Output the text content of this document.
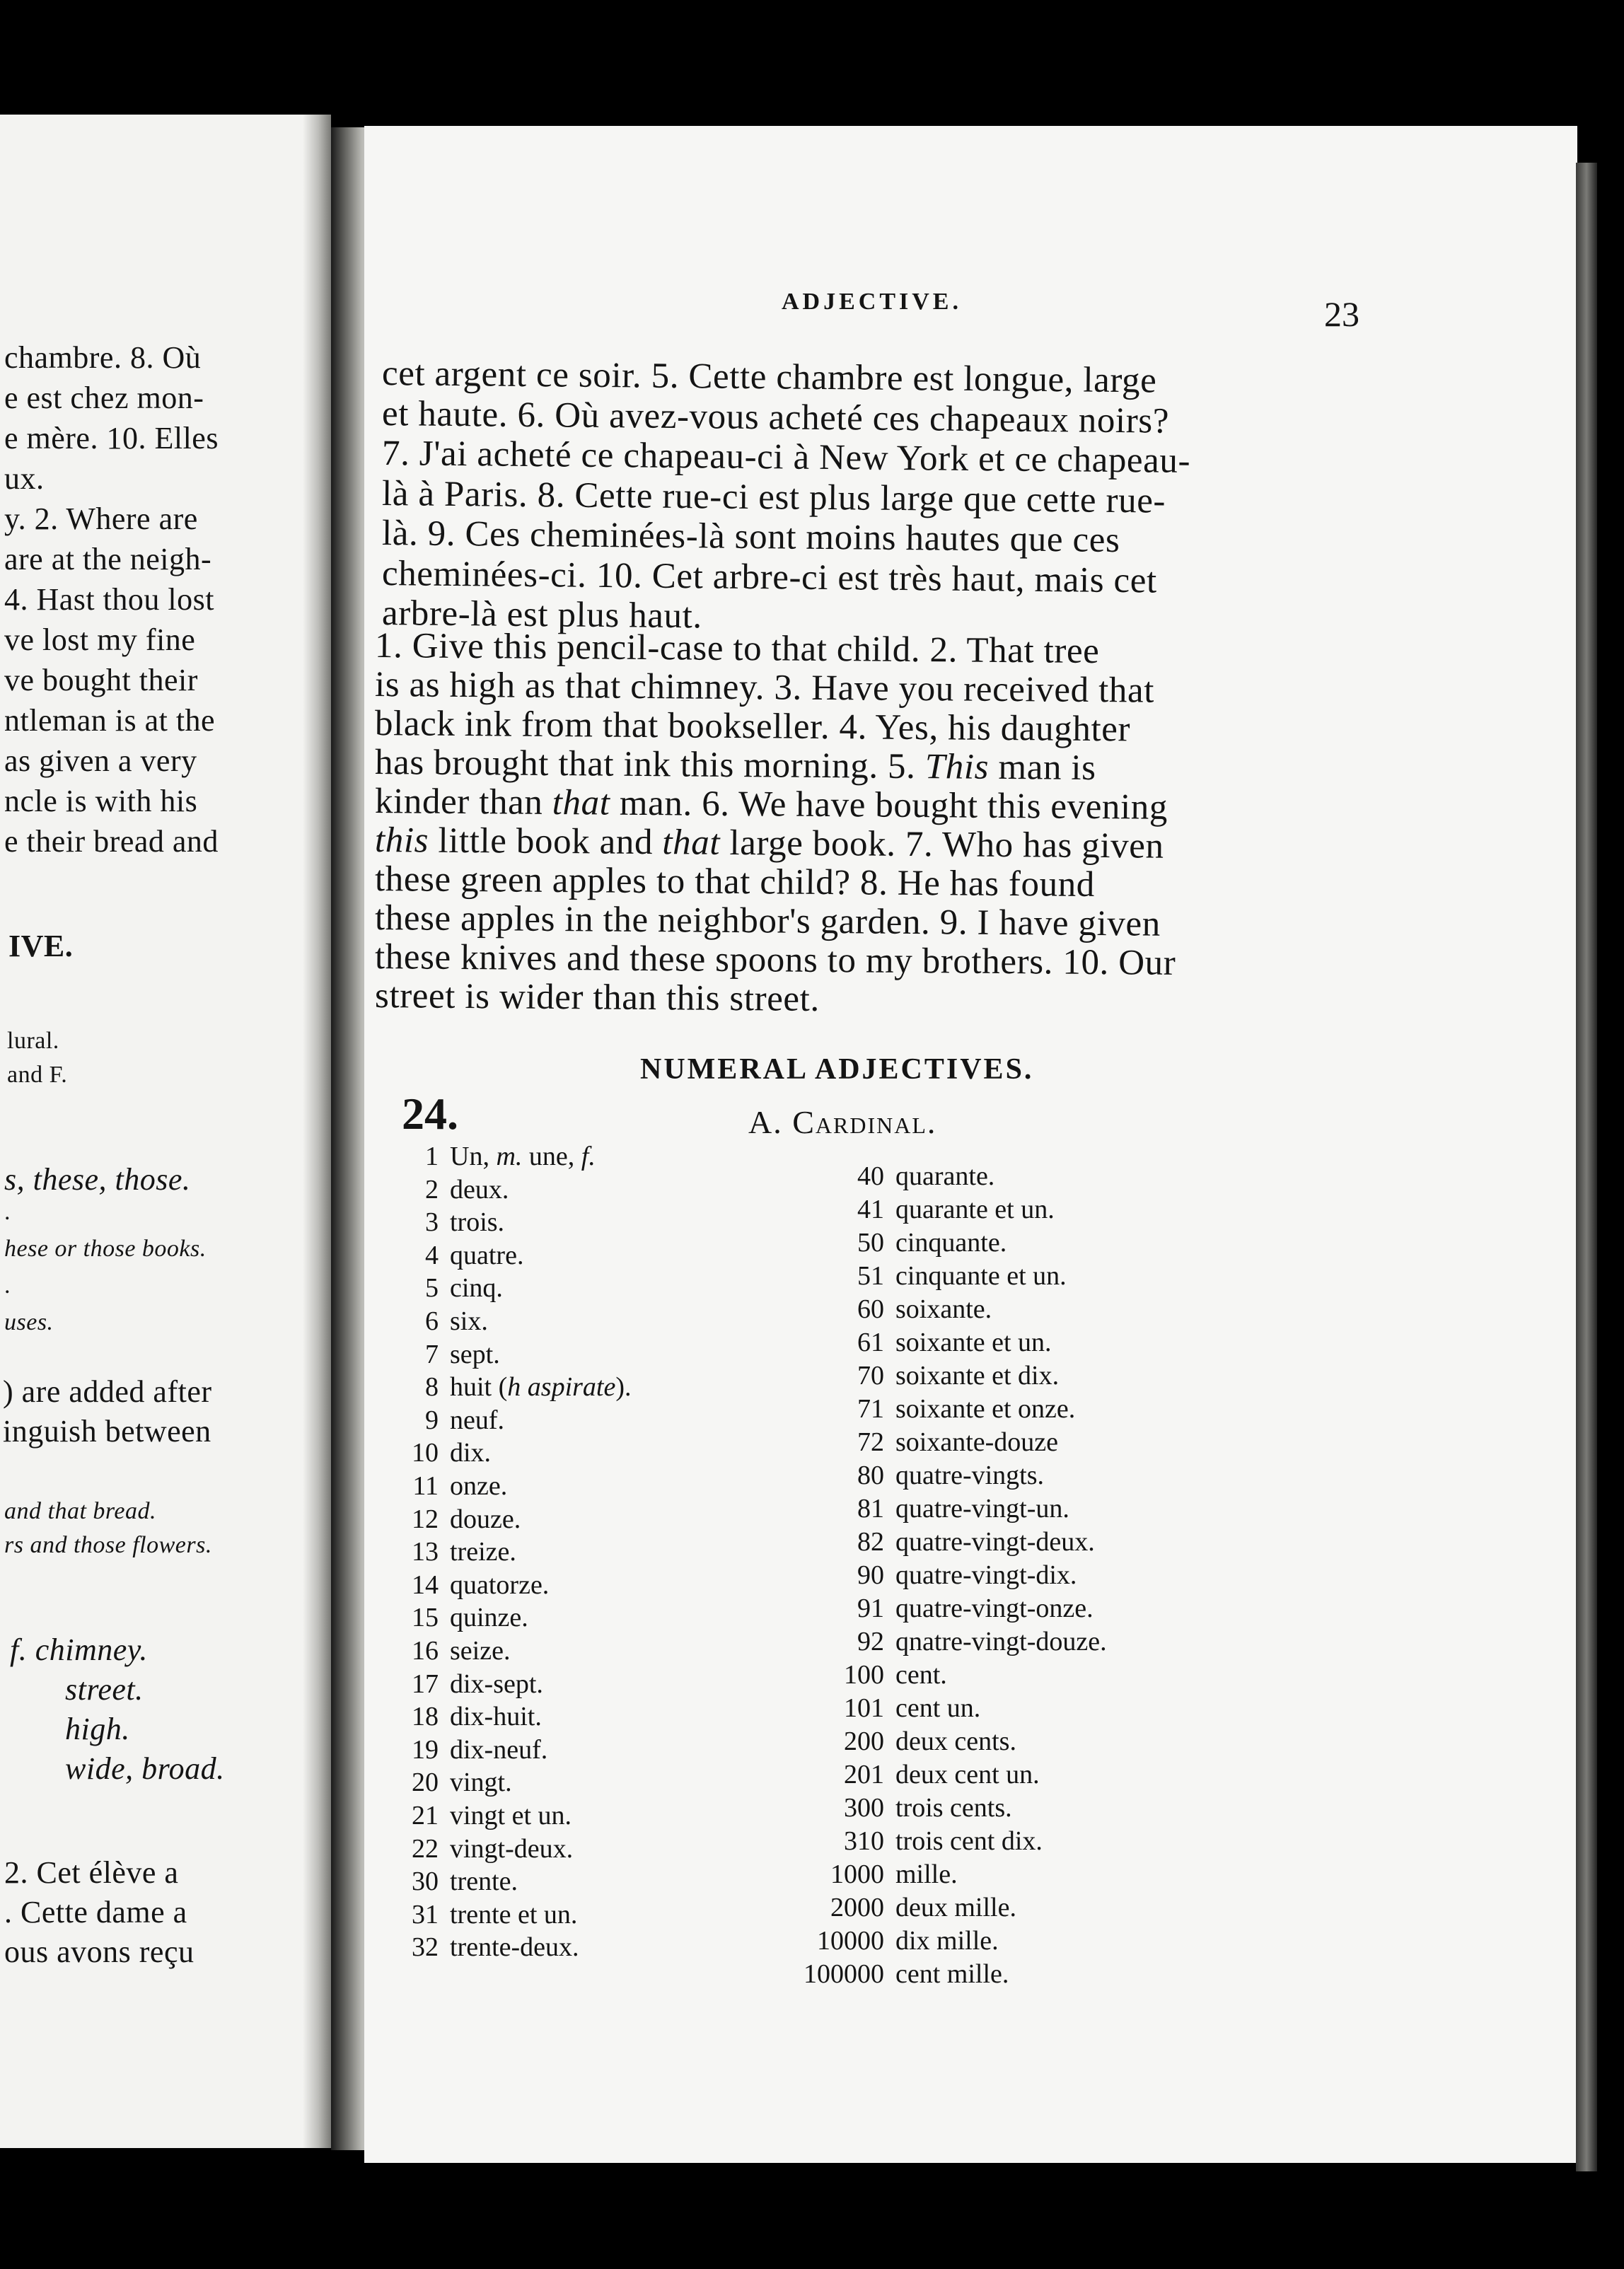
chambre. 8. Où
e est chez mon-
e mère. 10. Elles
ux.
y. 2. Where are
are at the neigh-
4. Hast thou lost
ve lost my fine
ve bought their
ntleman is at the
as given a very
ncle is with his
e their bread and
IVE.
lural.
and F.
s, these, those.
.
hese or those books.
.
uses.
) are added after
inguish between
and that bread.
rs and those flowers.
f. chimney.
street.
high.
wide, broad.
2. Cet élève a
. Cette dame a
ous avons reçu
ADJECTIVE.	23
cet argent ce soir. 5. Cette chambre est longue, large
et haute. 6. Où avez-vous acheté ces chapeaux noirs?
7. J'ai acheté ce chapeau-ci à New York et ce chapeau-
là à Paris. 8. Cette rue-ci est plus large que cette rue-
là. 9. Ces cheminées-là sont moins hautes que ces
cheminées-ci. 10. Cet arbre-ci est très haut, mais cet
arbre-là est plus haut.
1. Give this pencil-case to that child. 2. That tree
is as high as that chimney. 3. Have you received that
black ink from that bookseller. 4. Yes, his daughter
has brought that ink this morning. 5. This man is
kinder than that man. 6. We have bought this evening
this little book and that large book. 7. Who has given
these green apples to that child? 8. He has found
these apples in the neighbor's garden. 9. I have given
these knives and these spoons to my brothers. 10. Our
street is wider than this street.
NUMERAL ADJECTIVES.
24.	A. Cardinal.
1 Un, m. une, f.
2 deux.
3 trois.
4 quatre.
5 cinq.
6 six.
7 sept.
8 huit (h aspirate).
9 neuf.
10 dix.
11 onze.
12 douze.
13 treize.
14 quatorze.
15 quinze.
16 seize.
17 dix-sept.
18 dix-huit.
19 dix-neuf.
20 vingt.
21 vingt et un.
22 vingt-deux.
30 trente.
31 trente et un.
32 trente-deux.
40 quarante.
41 quarante et un.
50 cinquante.
51 cinquante et un.
60 soixante.
61 soixante et un.
70 soixante et dix.
71 soixante et onze.
72 soixante-douze
80 quatre-vingts.
81 quatre-vingt-un.
82 quatre-vingt-deux.
90 quatre-vingt-dix.
91 quatre-vingt-onze.
92 qnatre-vingt-douze.
100 cent.
101 cent un.
200 deux cents.
201 deux cent un.
300 trois cents.
310 trois cent dix.
1000 mille.
2000 deux mille.
10000 dix mille.
100000 cent mille.
